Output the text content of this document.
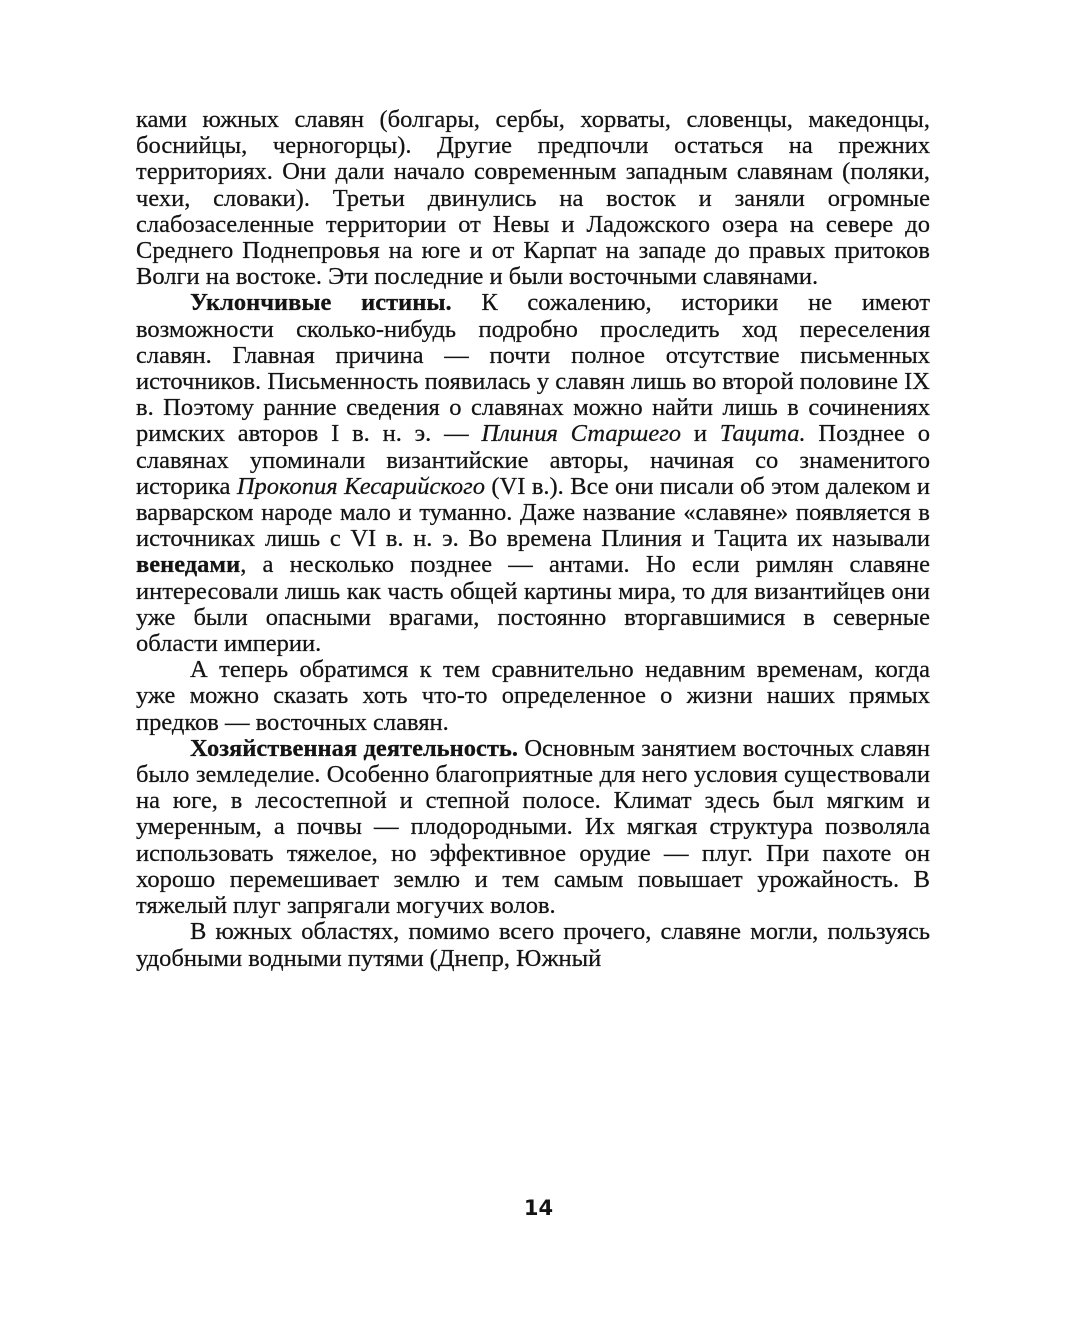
ками южных славян (болгары, сербы, хорваты, словенцы, македонцы, боснийцы, черногорцы). Другие предпочли остаться на прежних территориях. Они дали начало современным западным славянам (поляки, чехи, словаки). Третьи двинулись на восток и заняли огромные слабозаселенные территории от Невы и Ладожского озера на севере до Среднего Поднепровья на юге и от Карпат на западе до правых притоков Волги на востоке. Эти последние и были восточными славянами.

Уклончивые истины. К сожалению, историки не имеют возможности сколько-нибудь подробно проследить ход переселения славян. Главная причина — почти полное отсутствие письменных источников. Письменность появилась у славян лишь во второй половине IX в. Поэтому ранние сведения о славянах можно найти лишь в сочинениях римских авторов I в. н. э. — Плиния Старшего и Тацита. Позднее о славянах упоминали византийские авторы, начиная со знаменитого историка Прокопия Кесарийского (VI в.). Все они писали об этом далеком и варварском народе мало и туманно. Даже название «славяне» появляется в источниках лишь с VI в. н. э. Во времена Плиния и Тацита их называли венедами, а несколько позднее — антами. Но если римлян славяне интересовали лишь как часть общей картины мира, то для византийцев они уже были опасными врагами, постоянно вторгавшимися в северные области империи.

А теперь обратимся к тем сравнительно недавним временам, когда уже можно сказать хоть что-то определенное о жизни наших прямых предков — восточных славян.

Хозяйственная деятельность. Основным занятием восточных славян было земледелие. Особенно благоприятные для него условия существовали на юге, в лесостепной и степной полосе. Климат здесь был мягким и умеренным, а почвы — плодородными. Их мягкая структура позволяла использовать тяжелое, но эффективное орудие — плуг. При пахоте он хорошо перемешивает землю и тем самым повышает урожайность. В тяжелый плуг запрягали могучих волов.

В южных областях, помимо всего прочего, славяне могли, пользуясь удобными водными путями (Днепр, Южный

14
